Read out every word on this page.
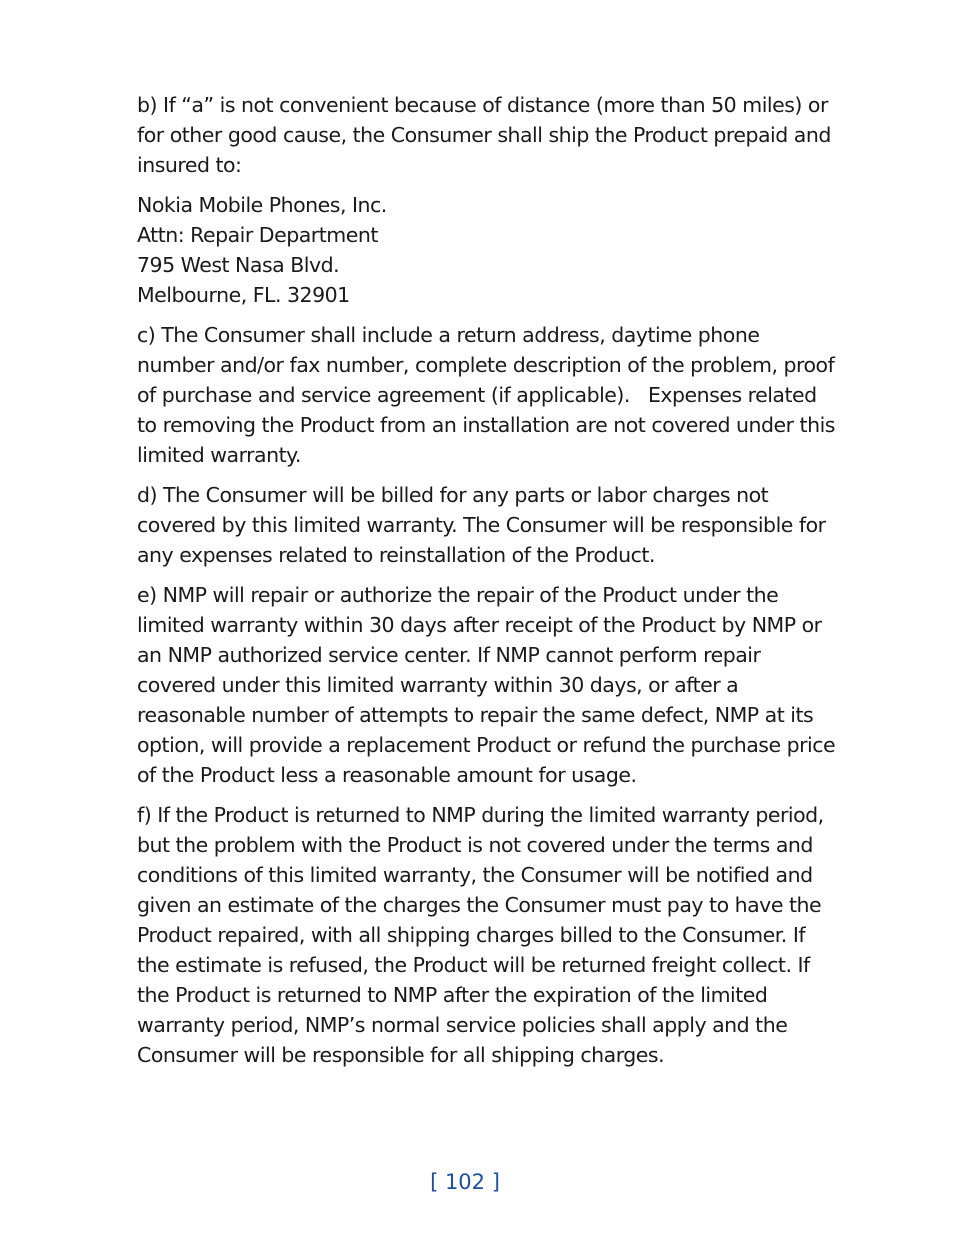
b) If “a” is not convenient because of distance (more than 50 miles) or for other good cause, the Consumer shall ship the Product prepaid and insured to:

Nokia Mobile Phones, Inc.
Attn: Repair Department
795 West Nasa Blvd.
Melbourne, FL. 32901

c) The Consumer shall include a return address, daytime phone number and/or fax number, complete description of the problem, proof of purchase and service agreement (if applicable).   Expenses related to removing the Product from an installation are not covered under this limited warranty.

d) The Consumer will be billed for any parts or labor charges not covered by this limited warranty. The Consumer will be responsible for any expenses related to reinstallation of the Product.

e) NMP will repair or authorize the repair of the Product under the limited warranty within 30 days after receipt of the Product by NMP or an NMP authorized service center. If NMP cannot perform repair covered under this limited warranty within 30 days, or after a reasonable number of attempts to repair the same defect, NMP at its option, will provide a replacement Product or refund the purchase price of the Product less a reasonable amount for usage.

f) If the Product is returned to NMP during the limited warranty period, but the problem with the Product is not covered under the terms and conditions of this limited warranty, the Consumer will be notified and given an estimate of the charges the Consumer must pay to have the Product repaired, with all shipping charges billed to the Consumer. If the estimate is refused, the Product will be returned freight collect. If the Product is returned to NMP after the expiration of the limited warranty period, NMP’s normal service policies shall apply and the Consumer will be responsible for all shipping charges.

[ 102 ]
